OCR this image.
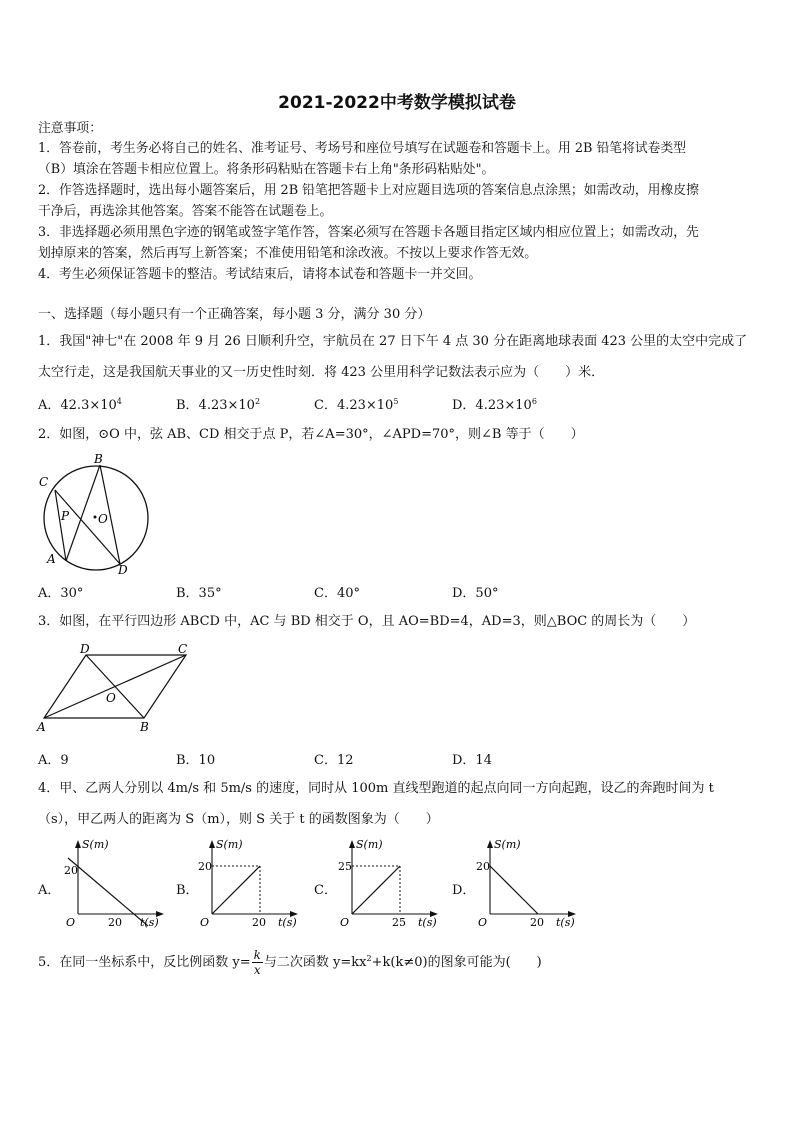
2021-2022中考数学模拟试卷
注意事项：
1．答卷前，考生务必将自己的姓名、准考证号、考场号和座位号填写在试题卷和答题卡上。用 2B 铅笔将试卷类型
（B）填涂在答题卡相应位置上。将条形码粘贴在答题卡右上角"条形码粘贴处"。
2．作答选择题时，选出每小题答案后，用 2B 铅笔把答题卡上对应题目选项的答案信息点涂黑；如需改动，用橡皮擦
干净后，再选涂其他答案。答案不能答在试题卷上。
3．非选择题必须用黑色字迹的钢笔或签字笔作答，答案必须写在答题卡各题目指定区域内相应位置上；如需改动，先
划掉原来的答案，然后再写上新答案；不准使用铅笔和涂改液。不按以上要求作答无效。
4．考生必须保证答题卡的整洁。考试结束后，请将本试卷和答题卡一并交回。
一、选择题（每小题只有一个正确答案，每小题 3 分，满分 30 分）
1．我国"神七"在 2008 年 9 月 26 日顺利升空，宇航员在 27 日下午 4 点 30 分在距离地球表面 423 公里的太空中完成了
太空行走，这是我国航天事业的又一历史性时刻．将 423 公里用科学记数法表示应为（　　）米．
A．$42.3\times 10^4$	B．$4.23\times 10^2$	C．$4.23\times 10^5$	D．$4.23\times 10^6$
2．如图，⊙O 中，弦 AB、CD 相交于点 P，若∠A=30°，∠APD=70°，则∠B 等于（　　）
B
C
P O
A
D
A．30°	B．35°	C．40°	D．50°
3．如图，在平行四边形 ABCD 中，AC 与 BD 相交于 O，且 AO=BD=4，AD=3，则△BOC 的周长为（　　）
D	C
O
A	B
A．9	B．10	C．12	D．14
4．甲、乙两人分别以 4m/s 和 5m/s 的速度，同时从 100m 直线型跑道的起点向同一方向起跑，设乙的奔跑时间为 t
（s），甲乙两人的距离为 S（m），则 S 关于 t 的函数图象为（　　）
A．
S(m)
t(s)
20
20
O
B．
S(m)
t(s)
20
20
O
C．
S(m)
t(s)
25
25
O
D．
S(m)
t(s)
20
20
O
5．在同一坐标系中，反比例函数 $y= \frac{k}{x}$ 与二次函数 $y=kx^2+k(k\ne 0)$的图象可能为(　　)
